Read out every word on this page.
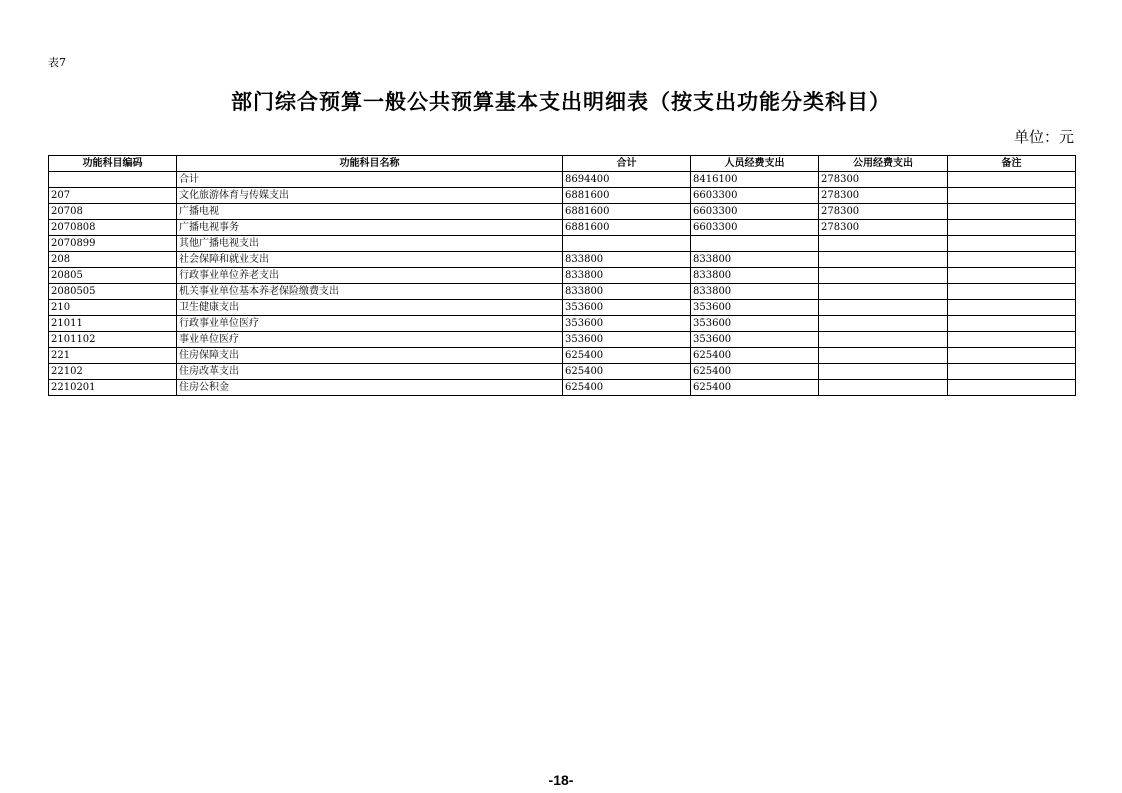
表7
部门综合预算一般公共预算基本支出明细表（按支出功能分类科目）
单位：元
功能科目编码	功能科目名称	合计	人员经费支出	公用经费支出	备注
	合计	8694400	8416100	278300	
207	文化旅游体育与传媒支出	6881600	6603300	278300	
20708	广播电视	6881600	6603300	278300	
2070808	广播电视事务	6881600	6603300	278300	
2070899	其他广播电视支出				
208	社会保障和就业支出	833800	833800		
20805	行政事业单位养老支出	833800	833800		
2080505	机关事业单位基本养老保险缴费支出	833800	833800		
210	卫生健康支出	353600	353600		
21011	行政事业单位医疗	353600	353600		
2101102	事业单位医疗	353600	353600		
221	住房保障支出	625400	625400		
22102	住房改革支出	625400	625400		
2210201	住房公积金	625400	625400		
-18-
